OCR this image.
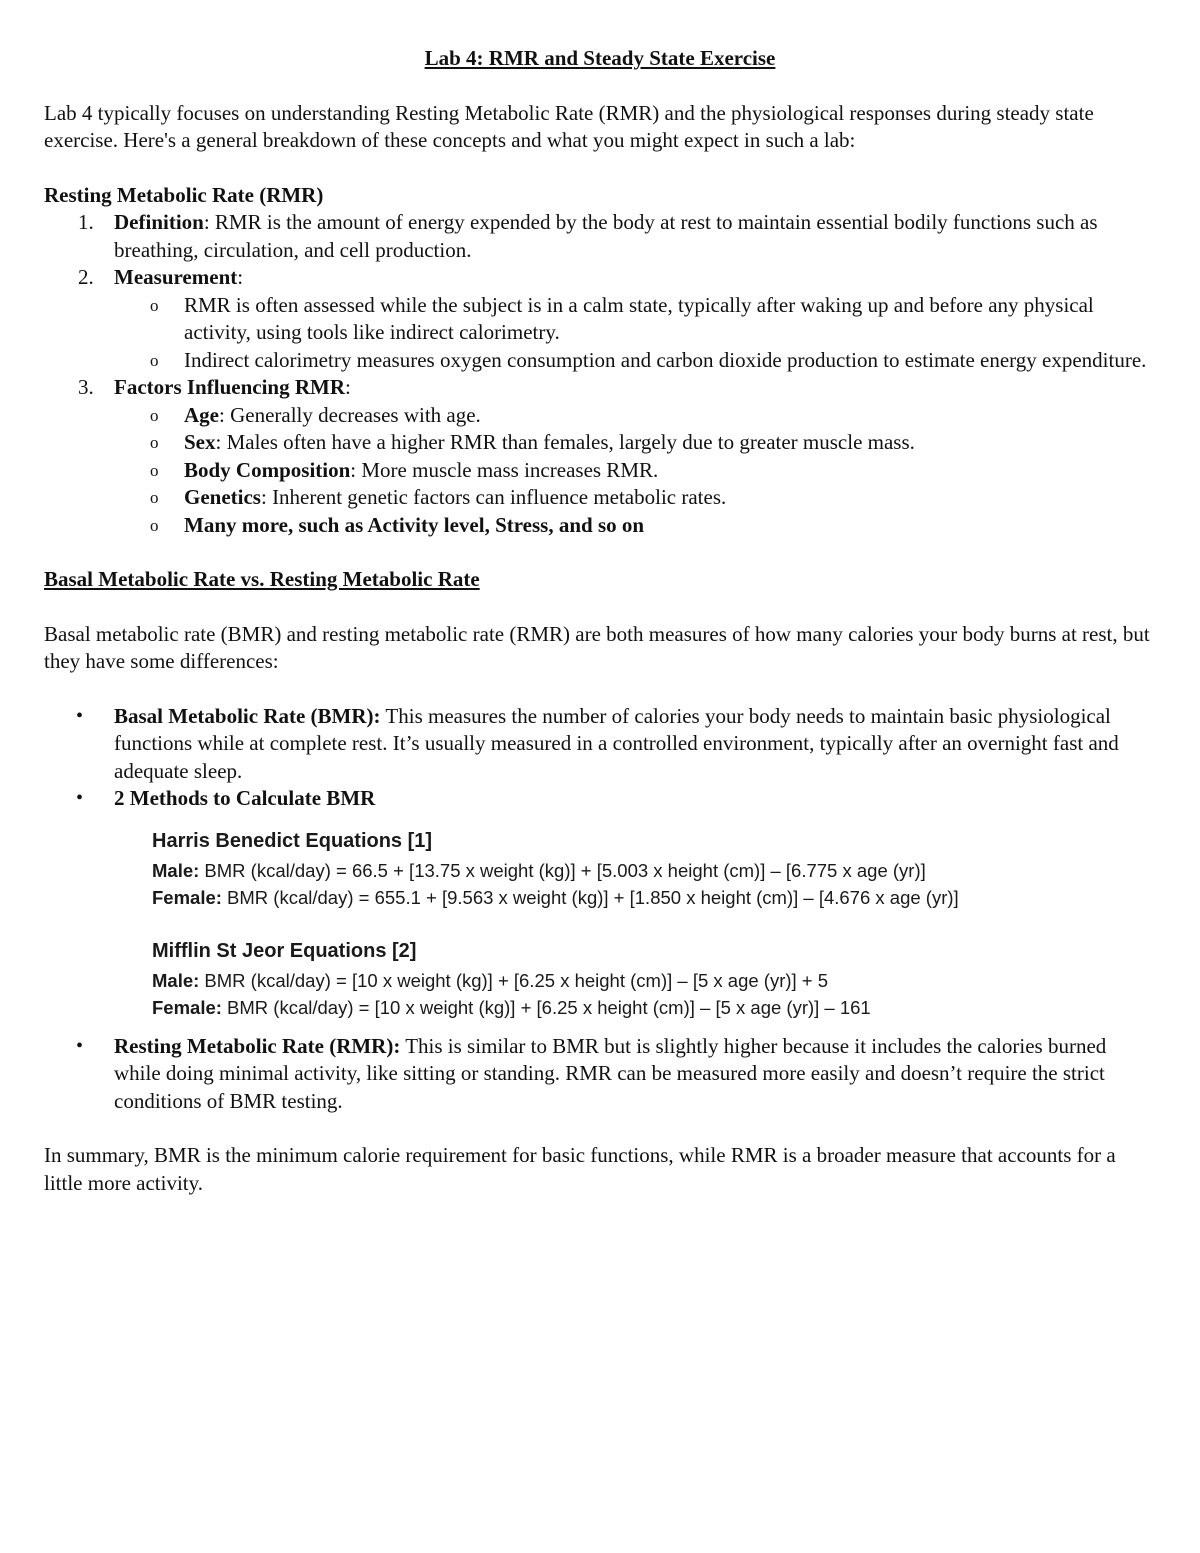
Lab 4: RMR and Steady State Exercise

Lab 4 typically focuses on understanding Resting Metabolic Rate (RMR) and the physiological responses during steady state exercise. Here's a general breakdown of these concepts and what you might expect in such a lab:

Resting Metabolic Rate (RMR)

1. Definition: RMR is the amount of energy expended by the body at rest to maintain essential bodily functions such as breathing, circulation, and cell production.
2. Measurement:
o RMR is often assessed while the subject is in a calm state, typically after waking up and before any physical activity, using tools like indirect calorimetry.
o Indirect calorimetry measures oxygen consumption and carbon dioxide production to estimate energy expenditure.
3. Factors Influencing RMR:
o Age: Generally decreases with age.
o Sex: Males often have a higher RMR than females, largely due to greater muscle mass.
o Body Composition: More muscle mass increases RMR.
o Genetics: Inherent genetic factors can influence metabolic rates.
o Many more, such as Activity level, Stress, and so on

Basal Metabolic Rate vs. Resting Metabolic Rate

Basal metabolic rate (BMR) and resting metabolic rate (RMR) are both measures of how many calories your body burns at rest, but they have some differences:

• Basal Metabolic Rate (BMR): This measures the number of calories your body needs to maintain basic physiological functions while at complete rest. It’s usually measured in a controlled environment, typically after an overnight fast and adequate sleep.
• 2 Methods to Calculate BMR
Harris Benedict Equations [1]
Male: BMR (kcal/day) = 66.5 + [13.75 x weight (kg)] + [5.003 x height (cm)] – [6.775 x age (yr)]
Female: BMR (kcal/day) = 655.1 + [9.563 x weight (kg)] + [1.850 x height (cm)] – [4.676 x age (yr)]
Mifflin St Jeor Equations [2]
Male: BMR (kcal/day) = [10 x weight (kg)] + [6.25 x height (cm)] – [5 x age (yr)] + 5
Female: BMR (kcal/day) = [10 x weight (kg)] + [6.25 x height (cm)] – [5 x age (yr)] – 161
• Resting Metabolic Rate (RMR): This is similar to BMR but is slightly higher because it includes the calories burned while doing minimal activity, like sitting or standing. RMR can be measured more easily and doesn’t require the strict conditions of BMR testing.

In summary, BMR is the minimum calorie requirement for basic functions, while RMR is a broader measure that accounts for a little more activity.
